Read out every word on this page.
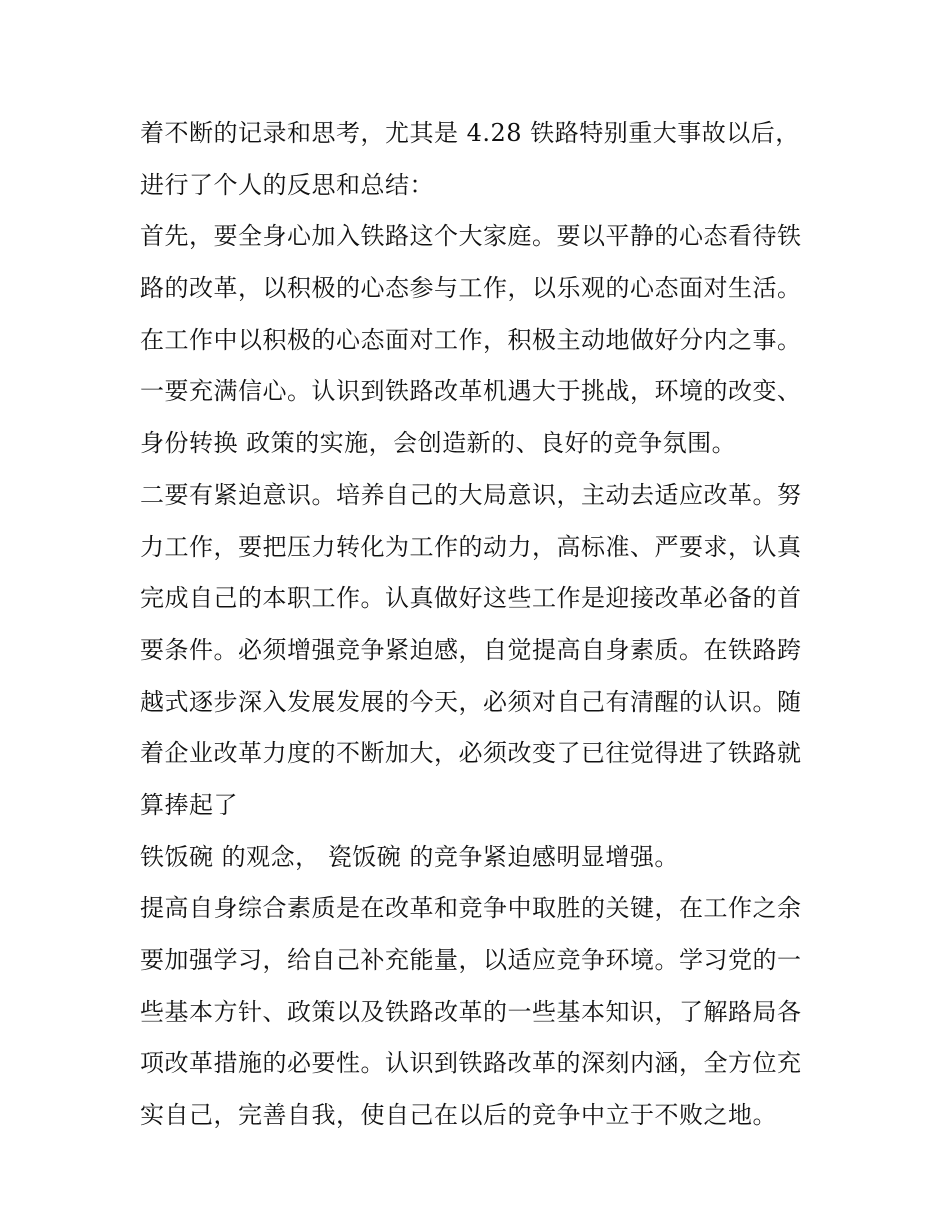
着不断的记录和思考，尤其是 4.28 铁路特别重大事故以后，
进行了个人的反思和总结：
首先，要全身心加入铁路这个大家庭。要以平静的心态看待铁
路的改革，以积极的心态参与工作，以乐观的心态面对生活。
在工作中以积极的心态面对工作，积极主动地做好分内之事。
一要充满信心。认识到铁路改革机遇大于挑战，环境的改变、
身份转换 政策的实施，会创造新的、良好的竞争氛围。
二要有紧迫意识。培养自己的大局意识，主动去适应改革。努
力工作，要把压力转化为工作的动力，高标准、严要求，认真
完成自己的本职工作。认真做好这些工作是迎接改革必备的首
要条件。必须增强竞争紧迫感，自觉提高自身素质。在铁路跨
越式逐步深入发展发展的今天，必须对自己有清醒的认识。随
着企业改革力度的不断加大，必须改变了已往觉得进了铁路就
算捧起了
铁饭碗 的观念， 瓷饭碗 的竞争紧迫感明显增强。
提高自身综合素质是在改革和竞争中取胜的关键，在工作之余
要加强学习，给自己补充能量，以适应竞争环境。学习党的一
些基本方针、政策以及铁路改革的一些基本知识，了解路局各
项改革措施的必要性。认识到铁路改革的深刻内涵，全方位充
实自己，完善自我，使自己在以后的竞争中立于不败之地。
